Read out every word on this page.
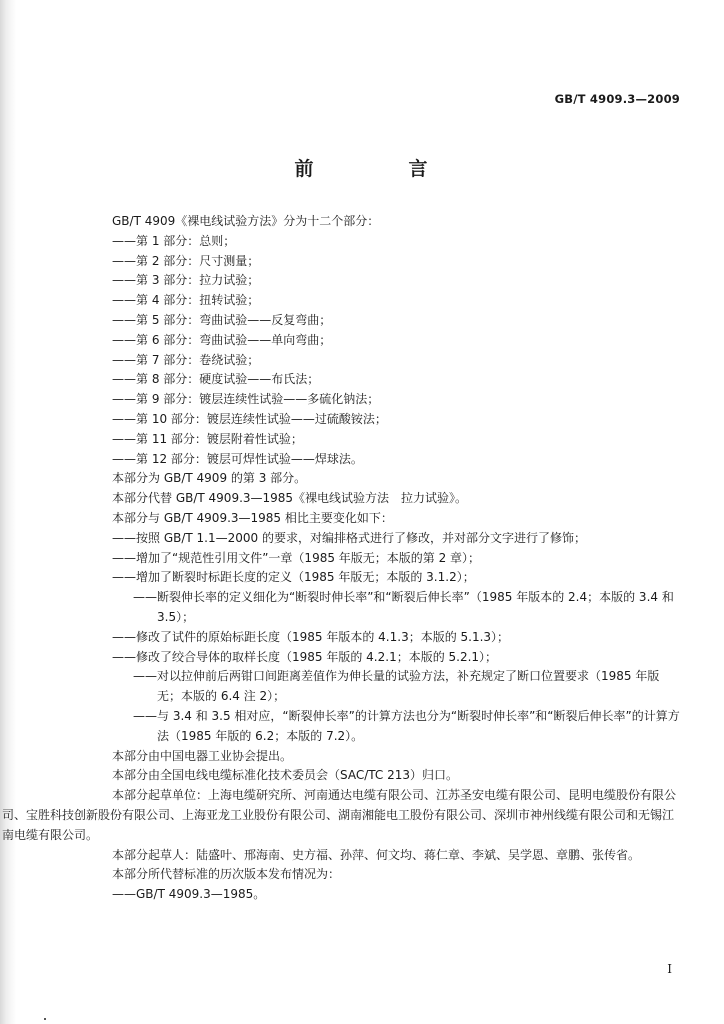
GB/T 4909.3—2009
前　言
GB/T 4909《裸电线试验方法》分为十二个部分：
——第 1 部分：总则；
——第 2 部分：尺寸测量；
——第 3 部分：拉力试验；
——第 4 部分：扭转试验；
——第 5 部分：弯曲试验——反复弯曲；
——第 6 部分：弯曲试验——单向弯曲；
——第 7 部分：卷绕试验；
——第 8 部分：硬度试验——布氏法；
——第 9 部分：镀层连续性试验——多硫化钠法；
——第 10 部分：镀层连续性试验——过硫酸铵法；
——第 11 部分：镀层附着性试验；
——第 12 部分：镀层可焊性试验——焊球法。
本部分为 GB/T 4909 的第 3 部分。
本部分代替 GB/T 4909.3—1985《裸电线试验方法　拉力试验》。
本部分与 GB/T 4909.3—1985 相比主要变化如下：
——按照 GB/T 1.1—2000 的要求，对编排格式进行了修改，并对部分文字进行了修饰；
——增加了“规范性引用文件”一章（1985 年版无；本版的第 2 章）；
——增加了断裂时标距长度的定义（1985 年版无；本版的 3.1.2）；
——断裂伸长率的定义细化为“断裂时伸长率”和“断裂后伸长率”（1985 年版本的 2.4；本版的 3.4 和 3.5）；
——修改了试件的原始标距长度（1985 年版本的 4.1.3；本版的 5.1.3）；
——修改了绞合导体的取样长度（1985 年版的 4.2.1；本版的 5.2.1）；
——对以拉伸前后两钳口间距离差值作为伸长量的试验方法，补充规定了断口位置要求（1985 年版无；本版的 6.4 注 2）；
——与 3.4 和 3.5 相对应，“断裂伸长率”的计算方法也分为“断裂时伸长率”和“断裂后伸长率”的计算方法（1985 年版的 6.2；本版的 7.2）。
本部分由中国电器工业协会提出。
本部分由全国电线电缆标准化技术委员会（SAC/TC 213）归口。
本部分起草单位：上海电缆研究所、河南通达电缆有限公司、江苏圣安电缆有限公司、昆明电缆股份有限公司、宝胜科技创新股份有限公司、上海亚龙工业股份有限公司、湖南湘能电工股份有限公司、深圳市神州线缆有限公司和无锡江南电缆有限公司。
本部分起草人：陆盛叶、邢海南、史方福、孙萍、何文均、蒋仁章、李斌、吴学恩、章鹏、张传省。
本部分所代替标准的历次版本发布情况为：
——GB/T 4909.3—1985。
I
